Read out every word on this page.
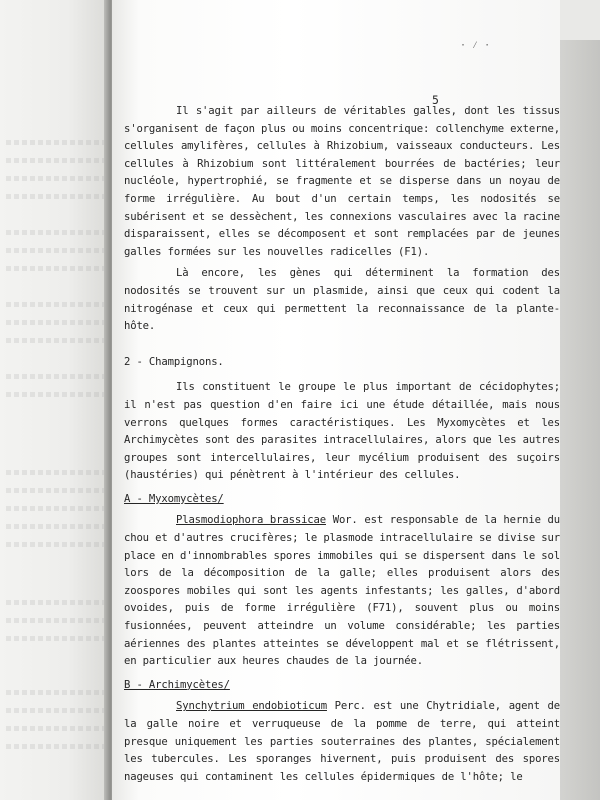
· ⁄ ·
5

Il s'agit par ailleurs de véritables galles, dont les tissus s'organisent de façon plus ou moins concentrique: collenchyme externe, cellules amylifères, cellules à Rhizobium, vaisseaux conducteurs. Les cellules à Rhizobium sont littéralement bourrées de bactéries; leur nucléole, hypertrophié, se fragmente et se disperse dans un noyau de forme irrégulière. Au bout d'un certain temps, les nodosités se subérisent et se dessèchent, les connexions vasculaires avec la racine disparaissent, elles se décomposent et sont remplacées par de jeunes galles formées sur les nouvelles radicelles (F1).

Là encore, les gènes qui déterminent la formation des nodosités se trouvent sur un plasmide, ainsi que ceux qui codent la nitrogénase et ceux qui permettent la reconnaissance de la plante-hôte.

2 - Champignons.

Ils constituent le groupe le plus important de cécidophytes; il n'est pas question d'en faire ici une étude détaillée, mais nous verrons quelques formes caractéristiques. Les Myxomycètes et les Archimycètes sont des parasites intracellulaires, alors que les autres groupes sont intercellulaires, leur mycélium produisent des suçoirs (haustéries) qui pénètrent à l'intérieur des cellules.

A - Myxomycètes/

Plasmodiophora brassicae Wor. est responsable de la hernie du chou et d'autres crucifères; le plasmode intracellulaire se divise sur place en d'innombrables spores immobiles qui se dispersent dans le sol lors de la décomposition de la galle; elles produisent alors des zoospores mobiles qui sont les agents infestants; les galles, d'abord ovoides, puis de forme irrégulière (F71), souvent plus ou moins fusionnées, peuvent atteindre un volume considérable; les parties aériennes des plantes atteintes se développent mal et se flétrissent, en particulier aux heures chaudes de la journée.

B - Archimycètes/

Synchytrium endobioticum Perc. est une Chytridiale, agent de la galle noire et verruqueuse de la pomme de terre, qui atteint presque uniquement les parties souterraines des plantes, spécialement les tubercules. Les sporanges hivernent, puis produisent des spores nageuses qui contaminent les cellules épidermiques de l'hôte; le
